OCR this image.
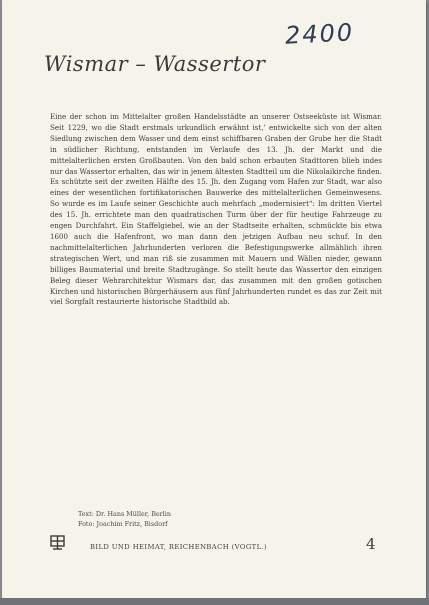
2400
Wismar – Wassertor

Eine der schon im Mittelalter großen Handelsstädte an unserer Ostseeküste ist Wismar. Seit 1229, wo die Stadt erstmals urkundlich erwähnt ist,' entwickelte sich von der alten Siedlung zwischen dem Wasser und dem einst schiffbaren Graben der Grube her die Stadt in südlicher Richtung, entstanden im Verlaufe des 13. Jh. der Markt und die mittelalterlichen ersten Großbauten. Von den bald schon erbauten Stadttoren blieb indes nur das Wassertor erhalten, das wir in jenem ältesten Stadtteil um die Nikolaikirche finden. Es schützte seit der zweiten Hälfte des 15. Jh. den Zugang vom Hafen zur Stadt, war also eines der wesentlichen fortifikatorischen Bauwerke des mittelalterlichen Gemeinwesens. So wurde es im Laufe seiner Geschichte auch mehrfach „modernisiert“: Im dritten Viertel des 15. Jh. errichtete man den quadratischen Turm über der für heutige Fahrzeuge zu engen Durchfahrt. Ein Staffelgiebel, wie an der Stadtseite erhalten, schmückte bis etwa 1600 auch die Hafenfront, wo man dann den jetzigen Aufbau neu schuf. In den nachmittelalterlichen Jahrhunderten verloren die Befestigungswerke allmählich ihren strategischen Wert, und man riß sie zusammen mit Mauern und Wällen nieder, gewann billiges Baumaterial und breite Stadtzugänge. So stellt heute das Wassertor den einzigen Beleg dieser Wehrarchitektur Wismars dar, das zusammen mit den großen gotischen Kirchen und historischen Bürgerhäusern aus fünf Jahrhunderten rundet es das zur Zeit mit viel Sorgfalt restaurierte historische Stadtbild ab.

Text: Dr. Hans Müller, Berlin
Foto: Joachim Fritz, Bisdorf
BILD UND HEIMAT, REICHENBACH (VOGTL.)	4
